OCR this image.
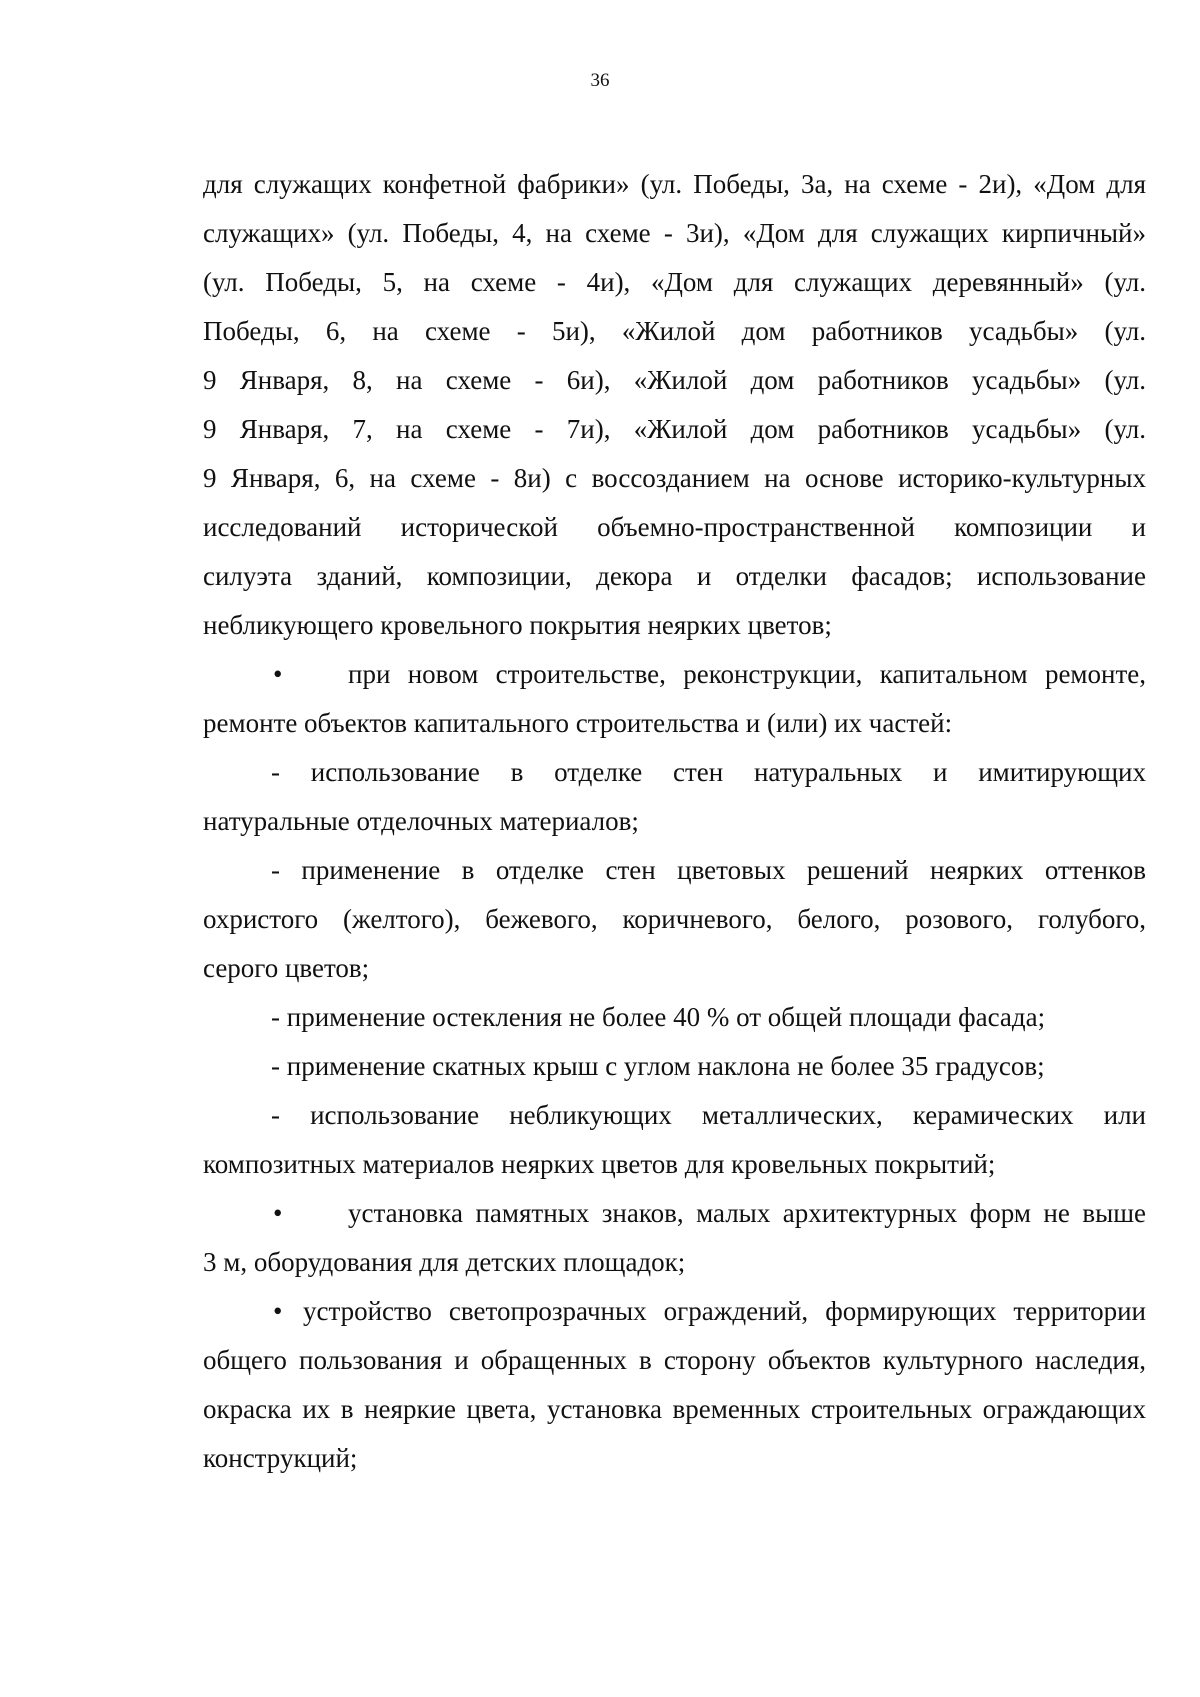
36
для служащих конфетной фабрики» (ул. Победы, 3а, на схеме - 2и), «Дом для
служащих» (ул. Победы, 4, на схеме - 3и), «Дом для служащих кирпичный»
(ул. Победы, 5, на схеме - 4и), «Дом для служащих деревянный» (ул.
Победы, 6, на схеме - 5и), «Жилой дом работников усадьбы» (ул.
9 Января, 8, на схеме - 6и), «Жилой дом работников усадьбы» (ул.
9 Января, 7, на схеме - 7и), «Жилой дом работников усадьбы» (ул.
9 Января, 6, на схеме - 8и) с воссозданием на основе историко-культурных
исследований исторической объемно-пространственной композиции и
силуэта зданий, композиции, декора и отделки фасадов; использование
небликующего кровельного покрытия неярких цветов;
•	при новом строительстве, реконструкции, капитальном ремонте,
ремонте объектов капитального строительства и (или) их частей:
- использование в отделке стен натуральных и имитирующих
натуральные отделочных материалов;
- применение в отделке стен цветовых решений неярких оттенков
охристого (желтого), бежевого, коричневого, белого, розового, голубого,
серого цветов;
- применение остекления не более 40 % от общей площади фасада;
- применение скатных крыш с углом наклона не более 35 градусов;
- использование небликующих металлических, керамических или
композитных материалов неярких цветов для кровельных покрытий;
•	установка памятных знаков, малых архитектурных форм не выше
3 м, оборудования для детских площадок;
• устройство светопрозрачных ограждений, формирующих территории
общего пользования и обращенных в сторону объектов культурного наследия,
окраска их в неяркие цвета, установка временных строительных ограждающих
конструкций;
